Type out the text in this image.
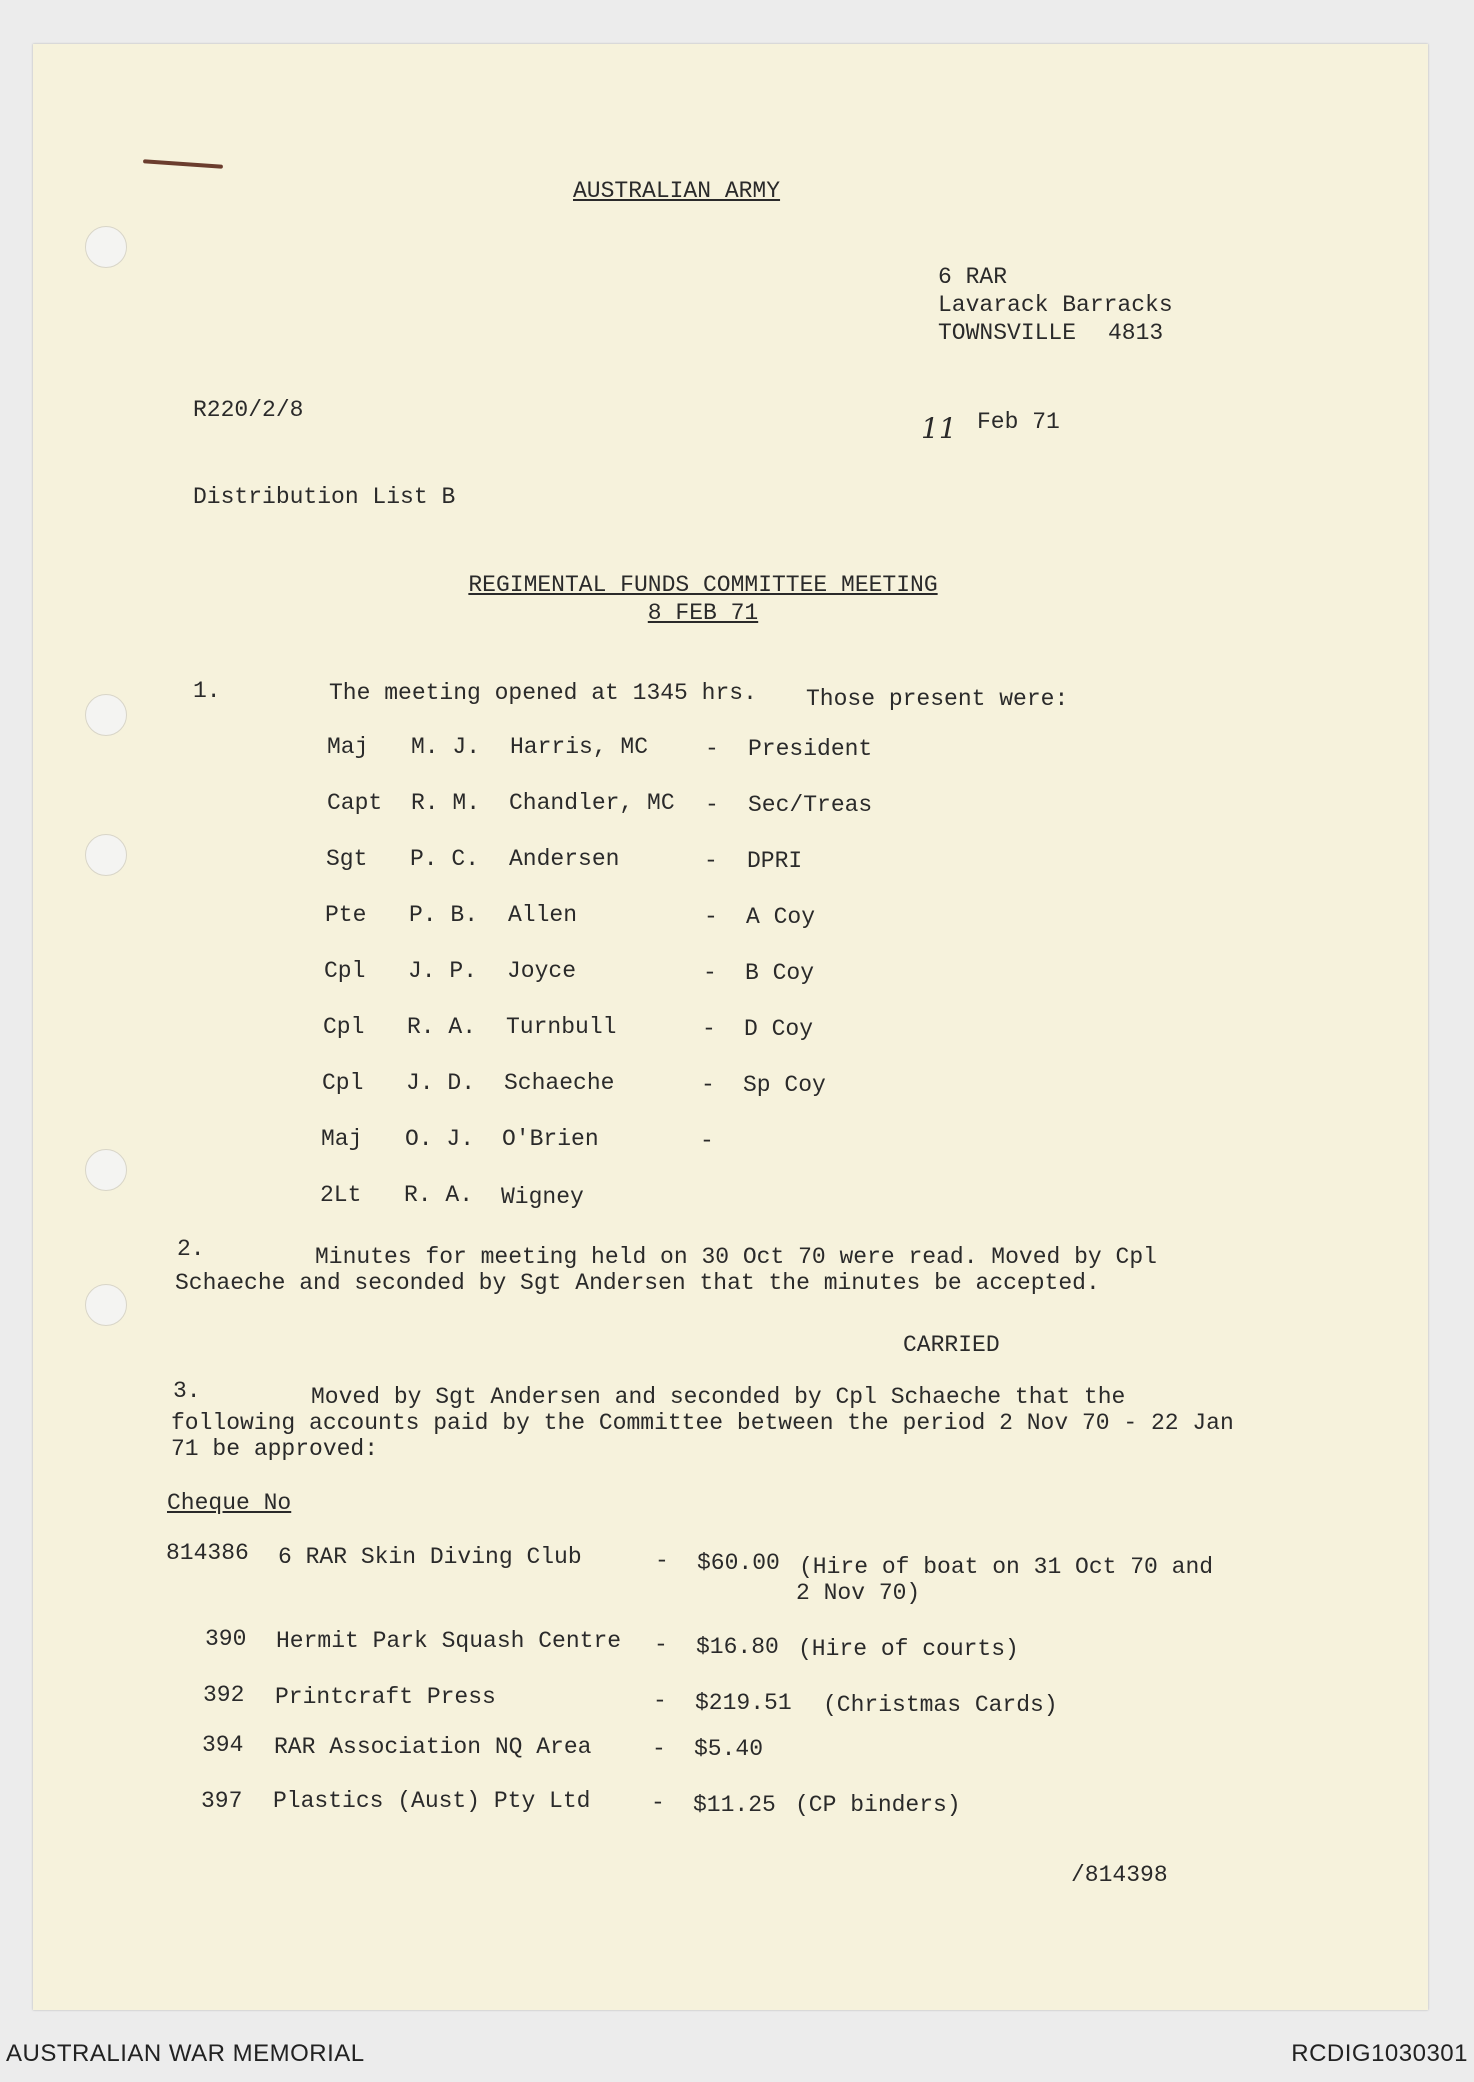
AUSTRALIAN ARMY
6 RAR
Lavarack Barracks
TOWNSVILLE 4813
R220/2/8
11 Feb 71
Distribution List B
REGIMENTAL FUNDS COMMITTEE MEETING
8 FEB 71
1.	The meeting opened at 1345 hrs. Those present were:
Maj M. J. Harris, MC - President
Capt R. M. Chandler, MC - Sec/Treas
Sgt P. C. Andersen	- DPRI
Pte P. B. Allen	- A Coy
Cpl J. P. Joyce	- B Coy
Cpl R. A. Turnbull	- D Coy
Cpl J. D. Schaeche	- Sp Coy
Maj O. J. O'Brien	-
2Lt R. A. Wigney
2.	Minutes for meeting held on 30 Oct 70 were read. Moved by Cpl
Schaeche and seconded by Sgt Andersen that the minutes be accepted.
CARRIED
3.	Moved by Sgt Andersen and seconded by Cpl Schaeche that the
following accounts paid by the Committee between the period 2 Nov 70 - 22 Jan
71 be approved:
Cheque No
814386 6 RAR Skin Diving Club	- $60.00 (Hire of boat on 31 Oct 70 and
2 Nov 70)
390 Hermit Park Squash Centre - $16.80 (Hire of courts)
392 Printcraft Press	- $219.51 (Christmas Cards)
394 RAR Association NQ Area	- $5.40
397 Plastics (Aust) Pty Ltd	- $11.25 (CP binders)
/814398
AUSTRALIAN WAR MEMORIAL	RCDIG1030301
